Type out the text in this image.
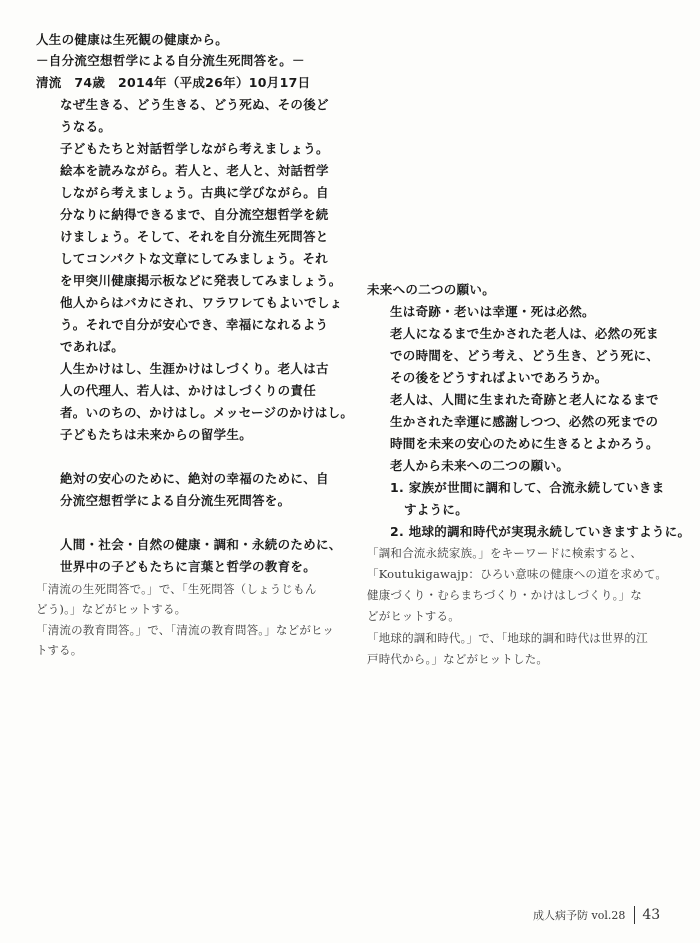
人生の健康は生死観の健康から。
－自分流空想哲学による自分流生死問答を。－
清流　74歳　2014年（平成26年）10月17日
なぜ生きる、どう生きる、どう死ぬ、その後ど
うなる。
子どもたちと対話哲学しながら考えましょう。
絵本を読みながら。若人と、老人と、対話哲学
しながら考えましょう。古典に学びながら。自
分なりに納得できるまで、自分流空想哲学を続
けましょう。そして、それを自分流生死問答と
してコンパクトな文章にしてみましょう。それ
を甲突川健康掲示板などに発表してみましょう。
他人からはバカにされ、ワラワレてもよいでしょ
う。それで自分が安心でき、幸福になれるよう
であれば。
人生かけはし、生涯かけはしづくり。老人は古
人の代理人、若人は、かけはしづくりの責任
者。いのちの、かけはし。メッセージのかけはし。
子どもたちは未来からの留学生。
絶対の安心のために、絶対の幸福のために、自
分流空想哲学による自分流生死問答を。
人間・社会・自然の健康・調和・永続のために、
世界中の子どもたちに言葉と哲学の教育を。
「清流の生死問答で。」で、「生死問答（しょうじもん
どう)。」などがヒットする。
「清流の教育問答。」で、「清流の教育問答。」などがヒッ
トする。
未来への二つの願い。
生は奇跡・老いは幸運・死は必然。
老人になるまで生かされた老人は、必然の死ま
での時間を、どう考え、どう生き、どう死に、
その後をどうすればよいであろうか。
老人は、人間に生まれた奇跡と老人になるまで
生かされた幸運に感謝しつつ、必然の死までの
時間を未来の安心のために生きるとよかろう。
老人から未来への二つの願い。
1. 家族が世間に調和して、合流永続していきま
すように。
2. 地球的調和時代が実現永続していきますように。
「調和合流永続家族。」をキーワードに検索すると、
「Koutukigawajp：ひろい意味の健康への道を求めて。
健康づくり・むらまちづくり・かけはしづくり。」な
どがヒットする。
「地球的調和時代。」で、「地球的調和時代は世界的江
戸時代から。」などがヒットした。
成人病予防 vol.28 43
